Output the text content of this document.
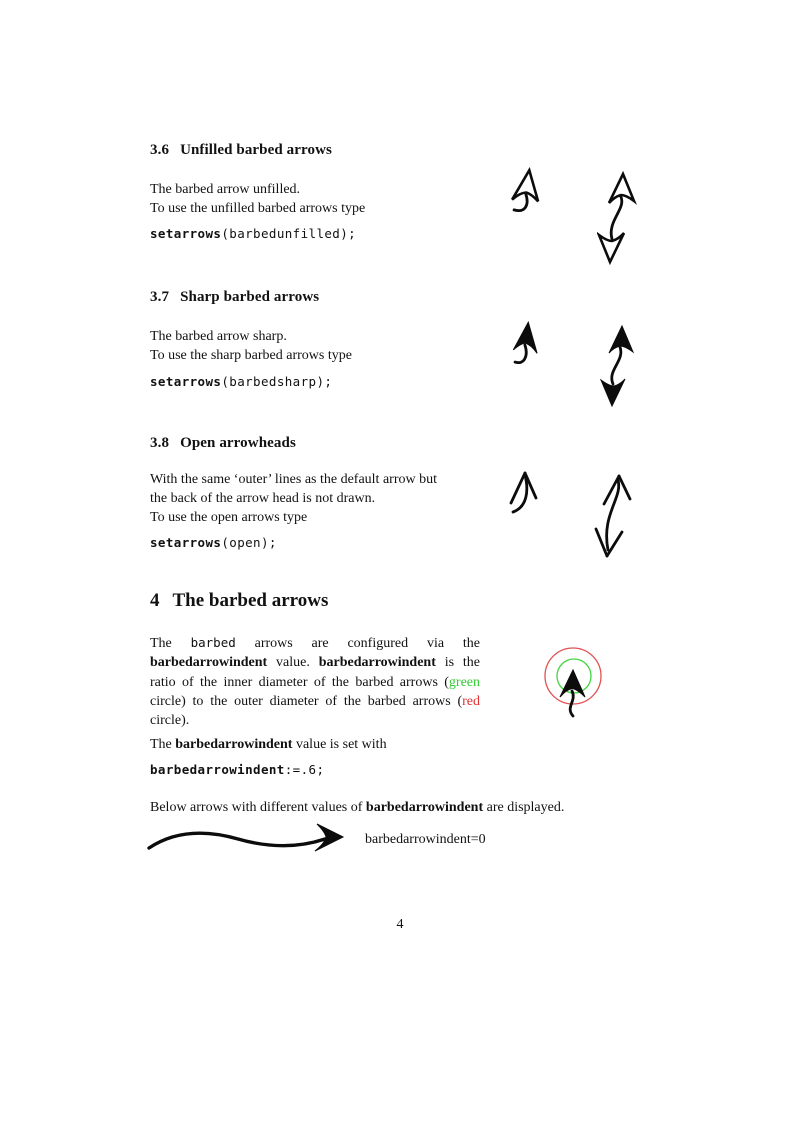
3.6 Unfilled barbed arrows
The barbed arrow unfilled.
To use the unfilled barbed arrows type
setarrows(barbedunfilled);
3.7 Sharp barbed arrows
The barbed arrow sharp.
To use the sharp barbed arrows type
setarrows(barbedsharp);
3.8 Open arrowheads
With the same ‘outer’ lines as the default arrow but
the back of the arrow head is not drawn.
To use the open arrows type
setarrows(open);
4 The barbed arrows

The barbed arrows are configured via the barbedarrowindent value. barbedarrowindent is the ratio of the inner diameter of the barbed arrows (green circle) to the outer diameter of the barbed arrows (red circle).

The barbedarrowindent value is set with
barbedarrowindent:=.6;
Below arrows with different values of barbedarrowindent are displayed.
barbedarrowindent=0
4
